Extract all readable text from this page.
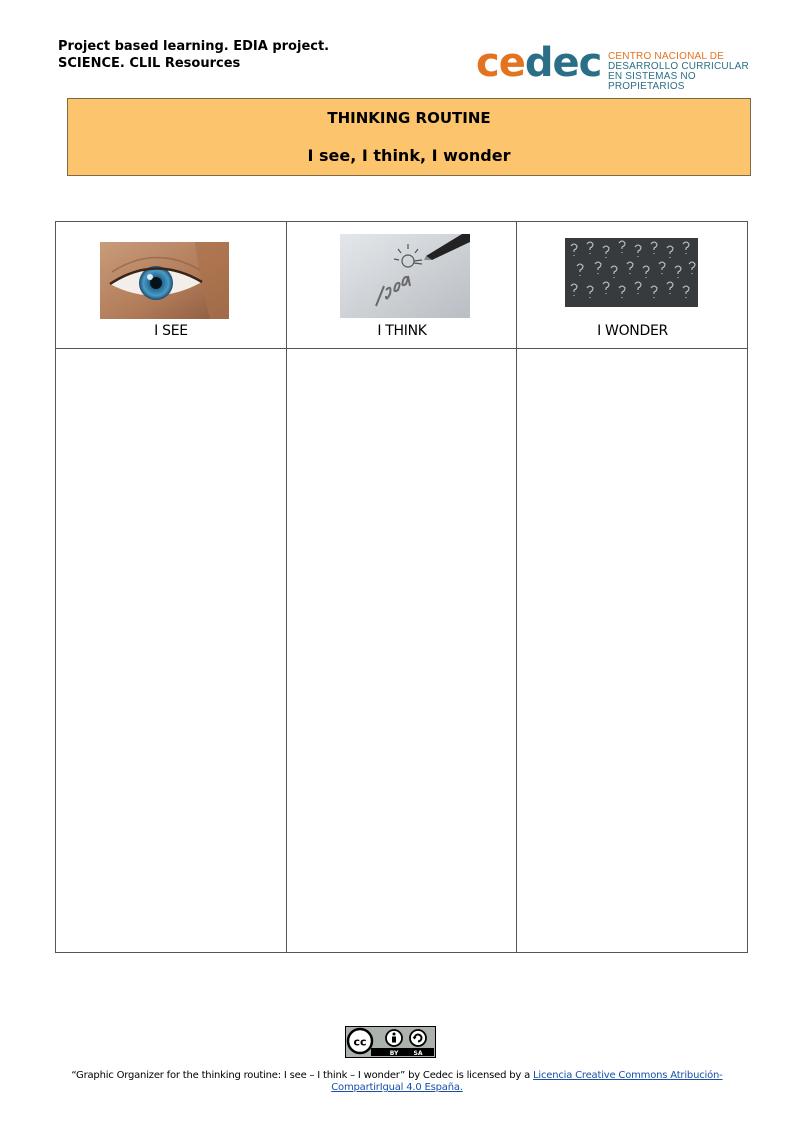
Project based learning. EDIA project.
SCIENCE. CLIL Resources	cedec CENTRO NACIONAL DE
DESARROLLO CURRICULAR
EN SISTEMAS NO PROPIETARIOS
THINKING ROUTINE
I see, I think, I wonder
I SEE	I THINK	I WONDER
cc
BY	SA
“Graphic Organizer for the thinking routine: I see – I think – I wonder” by Cedec is licensed by a Licencia Creative Commons Atribución-
CompartirIgual 4.0 España.
